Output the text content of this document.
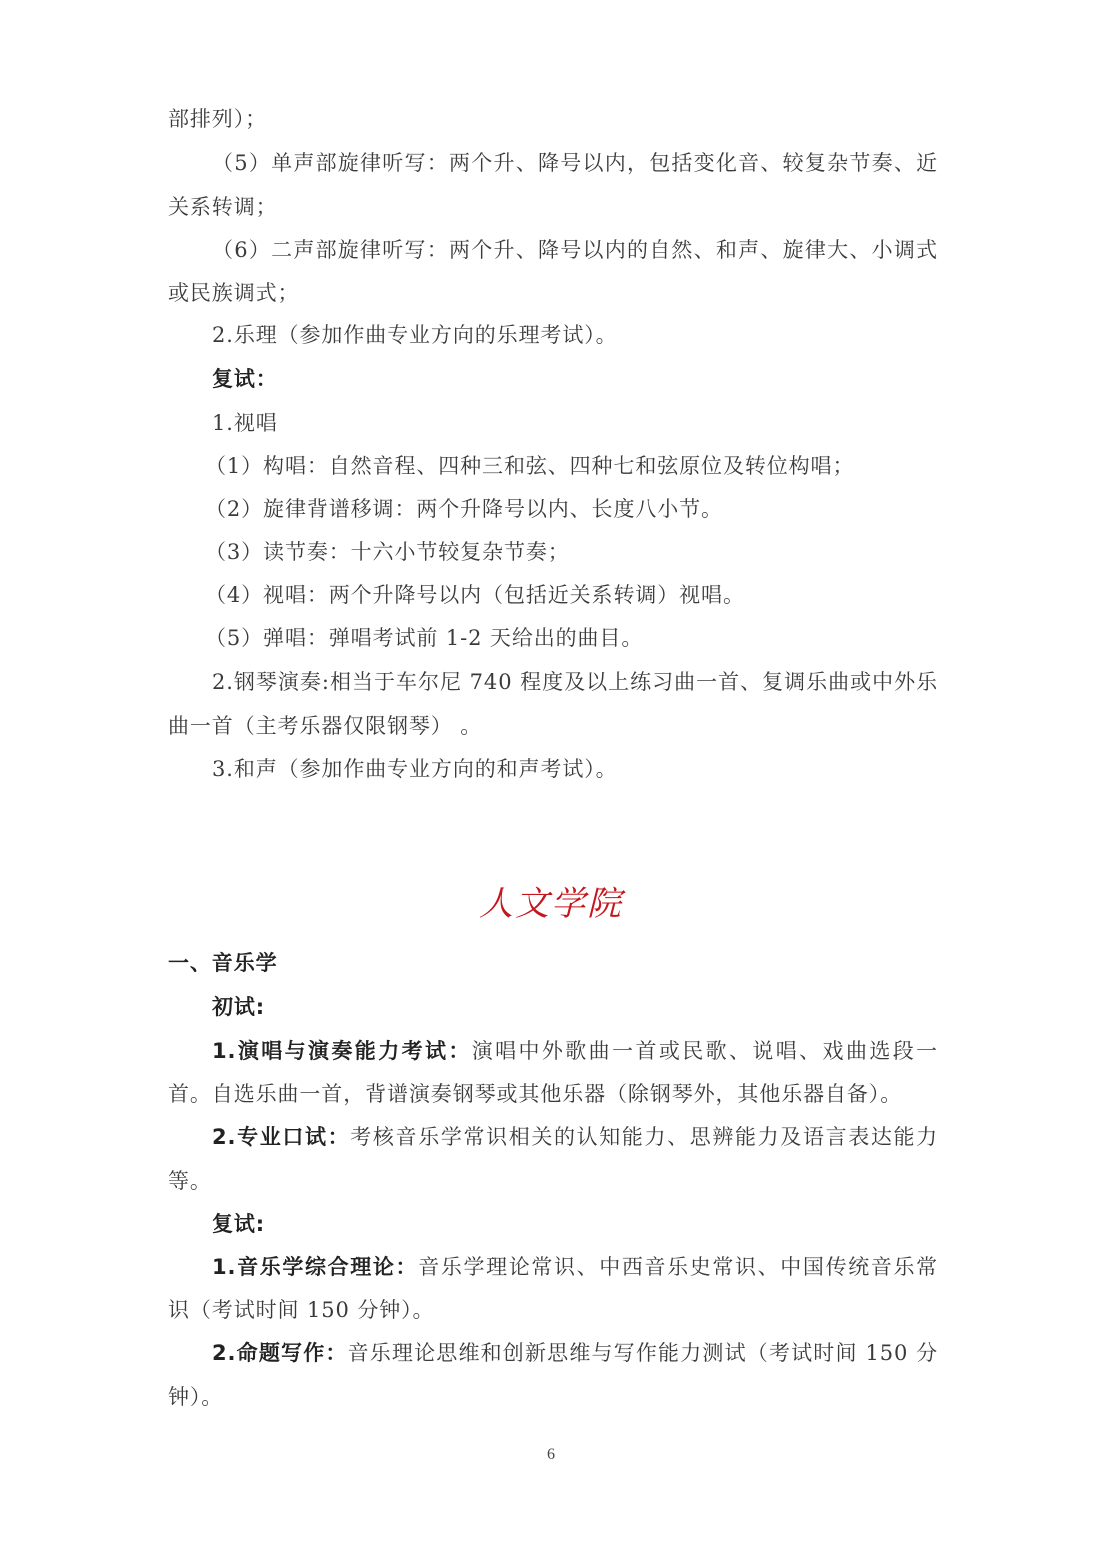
部排列）；
（5）单声部旋律听写：两个升、降号以内，包括变化音、较复杂节奏、近
关系转调；
（6）二声部旋律听写：两个升、降号以内的自然、和声、旋律大、小调式
或民族调式；
2.乐理（参加作曲专业方向的乐理考试）。
复试：
1.视唱
（1）构唱：自然音程、四种三和弦、四种七和弦原位及转位构唱；
（2）旋律背谱移调：两个升降号以内、长度八小节。
（3）读节奏：十六小节较复杂节奏；
（4）视唱：两个升降号以内（包括近关系转调）视唱。
（5）弹唱：弹唱考试前 1-2 天给出的曲目。
2.钢琴演奏:相当于车尔尼 740 程度及以上练习曲一首、复调乐曲或中外乐
曲一首（主考乐器仅限钢琴） 。
3.和声（参加作曲专业方向的和声考试）。
人文学院
一、音乐学
初试:
1.演唱与演奏能力考试：演唱中外歌曲一首或民歌、说唱、戏曲选段一
首。自选乐曲一首，背谱演奏钢琴或其他乐器（除钢琴外，其他乐器自备）。
2.专业口试：考核音乐学常识相关的认知能力、思辨能力及语言表达能力
等。
复试:
1.音乐学综合理论：音乐学理论常识、中西音乐史常识、中国传统音乐常
识（考试时间 150 分钟）。
2.命题写作：音乐理论思维和创新思维与写作能力测试（考试时间 150 分
钟）。
6
